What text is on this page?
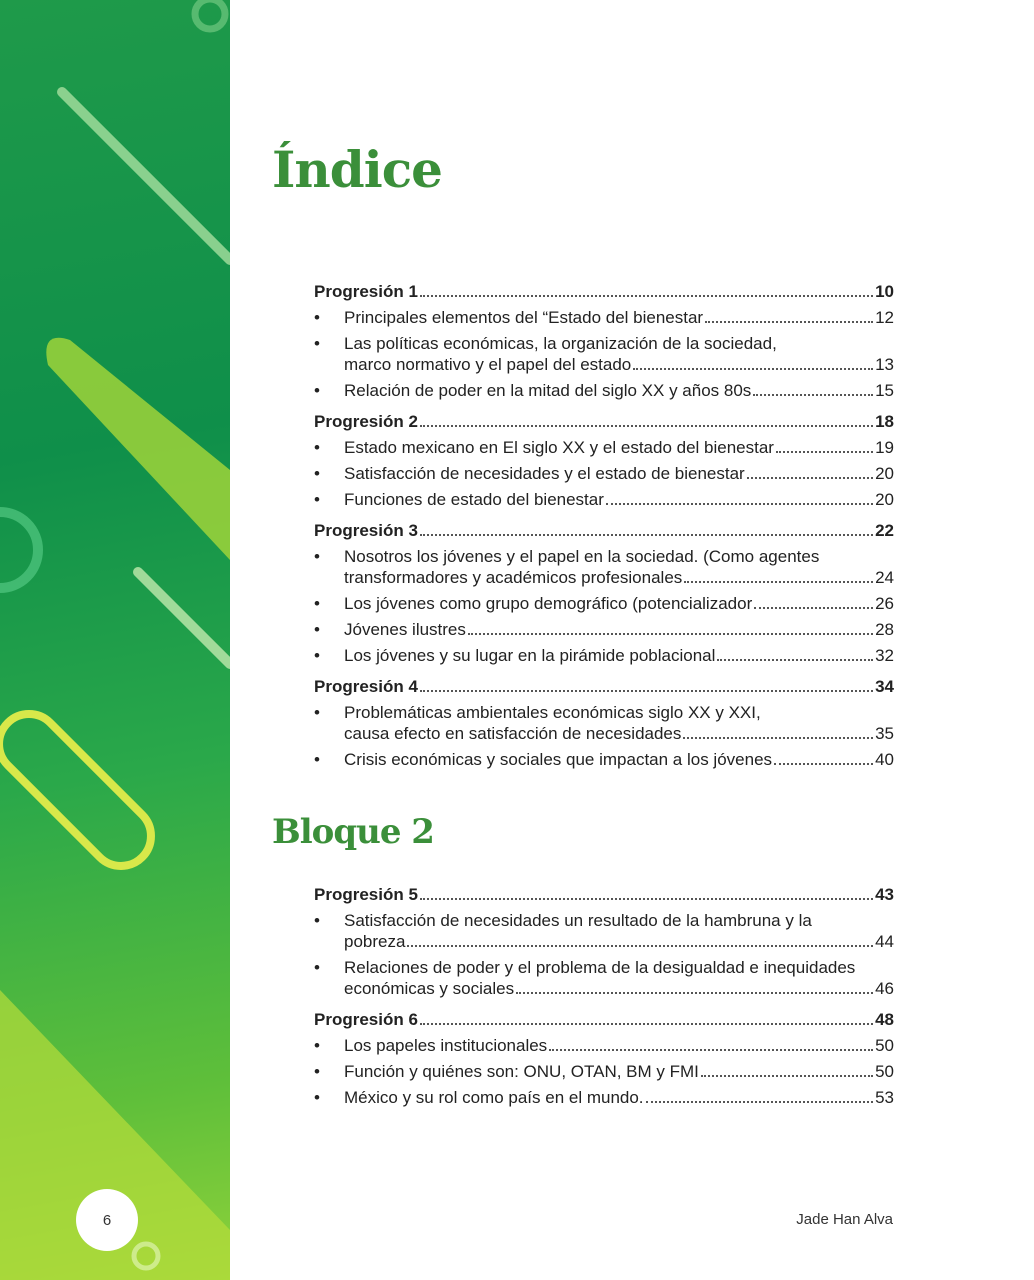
6	Jade Han Alva
Índice
Bloque 2
Progresión 1	10
• Principales elementos del “Estado del bienestar	12
• Las políticas económicas, la organización de la sociedad,
marco normativo y el papel del estado	13
• Relación de poder en la mitad del siglo XX y años 80s	15
Progresión 2	18
• Estado mexicano en El siglo XX y el estado del bienestar	19
• Satisfacción de necesidades y el estado de bienestar	20
• Funciones de estado del bienestar	20
Progresión 3	22
• Nosotros los jóvenes y el papel en la sociedad. (Como agentes
transformadores y académicos profesionales	24
• Los jóvenes como grupo demográfico (potencializador	26
• Jóvenes ilustres	28
• Los jóvenes y su lugar en la pirámide poblacional	32
Progresión 4	34
• Problemáticas ambientales económicas siglo XX y XXI,
causa efecto en satisfacción de necesidades	35
• Crisis económicas y sociales que impactan a los jóvenes	40
Progresión 5	43
• Satisfacción de necesidades un resultado de la hambruna y la
pobreza	44
• Relaciones de poder y el problema de la desigualdad e inequidades
económicas y sociales	46
Progresión 6	48
• Los papeles institucionales	50
• Función y quiénes son: ONU, OTAN, BM y FMI	50
• México y su rol como país en el mundo.	53
